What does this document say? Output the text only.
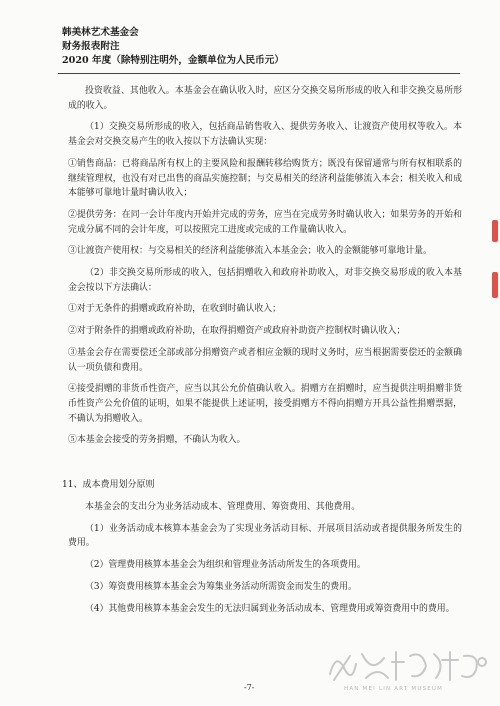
韩美林艺术基金会
财务报表附注
2020 年度（除特别注明外，金额单位为人民币元）

投资收益、其他收入。本基金会在确认收入时，应区分交换交易所形成的收入和非交换交易所形成的收入。

（1）交换交易所形成的收入，包括商品销售收入、提供劳务收入、让渡资产使用权等收入。本基金会对交换交易产生的收入按以下方法确认实现：

①销售商品：已将商品所有权上的主要风险和报酬转移给购货方；既没有保留通常与所有权相联系的继续管理权，也没有对已出售的商品实施控制；与交易相关的经济利益能够流入本会；相关收入和成本能够可靠地计量时确认收入；

②提供劳务：在同一会计年度内开始并完成的劳务，应当在完成劳务时确认收入；如果劳务的开始和完成分属不同的会计年度，可以按照完工进度或完成的工作量确认收入。

③让渡资产使用权：与交易相关的经济利益能够流入本基金会；收入的金额能够可靠地计量。

（2）非交换交易所形成的收入，包括捐赠收入和政府补助收入，对非交换交易形成的收入本基金会按以下方法确认：

①对于无条件的捐赠或政府补助，在收到时确认收入；

②对于附条件的捐赠或政府补助，在取得捐赠资产或政府补助资产控制权时确认收入；

③基金会存在需要偿还全部或部分捐赠资产或者相应金额的现时义务时，应当根据需要偿还的金额确认一项负债和费用。

④接受捐赠的非货币性资产，应当以其公允价值确认收入。捐赠方在捐赠时，应当提供注明捐赠非货币性资产公允价值的证明，如果不能提供上述证明，接受捐赠方不得向捐赠方开具公益性捐赠票据，不确认为捐赠收入。

⑤本基金会接受的劳务捐赠，不确认为收入。

11、成本费用划分原则

本基金会的支出分为业务活动成本、管理费用、筹资费用、其他费用。

（1）业务活动成本核算本基金会为了实现业务活动目标、开展项目活动或者提供服务所发生的费用。

（2）管理费用核算本基金会为组织和管理业务活动所发生的各项费用。

（3）筹资费用核算本基金会为筹集业务活动所需资金而发生的费用。

（4）其他费用核算本基金会发生的无法归属到业务活动成本、管理费用或筹资费用中的费用。

-7-	HAN MEI LIN ART MUSEUM
